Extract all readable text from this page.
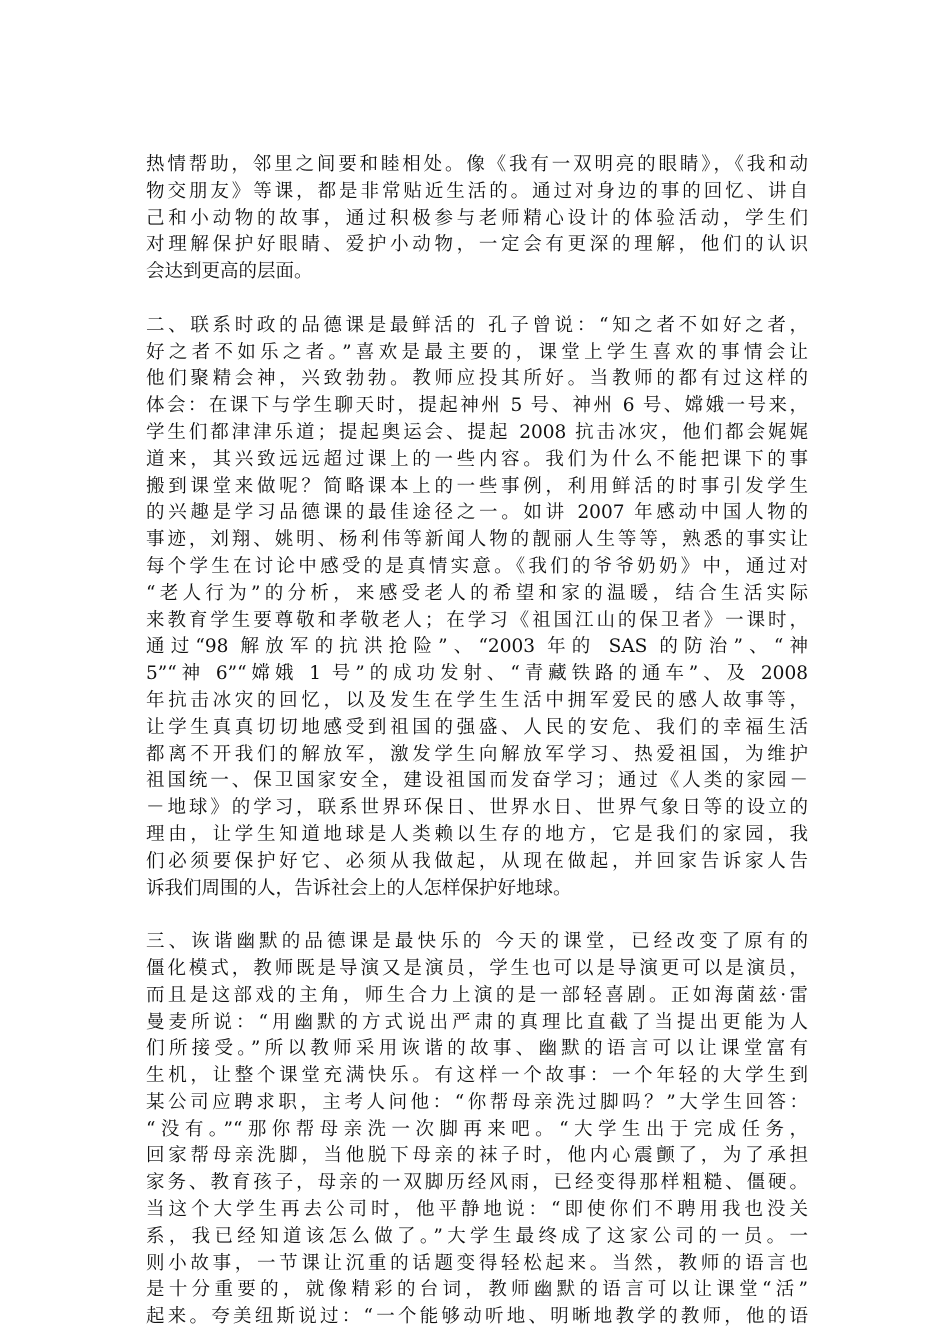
热情帮助，邻里之间要和睦相处。像《我有一双明亮的眼睛》，《我和动
物交朋友》等课，都是非常贴近生活的。通过对身边的事的回忆、讲自
己和小动物的故事，通过积极参与老师精心设计的体验活动，学生们
对理解保护好眼睛、爱护小动物，一定会有更深的理解，他们的认识
会达到更高的层面。
二、联系时政的品德课是最鲜活的 孔子曾说：“知之者不如好之者，
好之者不如乐之者。”喜欢是最主要的，课堂上学生喜欢的事情会让
他们聚精会神，兴致勃勃。教师应投其所好。当教师的都有过这样的
体会：在课下与学生聊天时，提起神州 5 号、神州 6 号、嫦娥一号来，
学生们都津津乐道；提起奥运会、提起 2008 抗击冰灾，他们都会娓娓
道来，其兴致远远超过课上的一些内容。我们为什么不能把课下的事
搬到课堂来做呢？简略课本上的一些事例，利用鲜活的时事引发学生
的兴趣是学习品德课的最佳途径之一。如讲 2007 年感动中国人物的
事迹，刘翔、姚明、杨利伟等新闻人物的靓丽人生等等，熟悉的事实让
每个学生在讨论中感受的是真情实意。《我们的爷爷奶奶》中，通过对
“老人行为”的分析，来感受老人的希望和家的温暖，结合生活实际
来教育学生要尊敬和孝敬老人；在学习《祖国江山的保卫者》一课时，
通过“98 解放军的抗洪抢险”、“2003 年的 SAS 的防治”、“神
5”“神 6”“嫦娥 1 号”的成功发射、“青藏铁路的通车”、及 2008
年抗击冰灾的回忆，以及发生在学生生活中拥军爱民的感人故事等，
让学生真真切切地感受到祖国的强盛、人民的安危、我们的幸福生活
都离不开我们的解放军，激发学生向解放军学习、热爱祖国，为维护
祖国统一、保卫国家安全，建设祖国而发奋学习；通过《人类的家园－
－地球》的学习，联系世界环保日、世界水日、世界气象日等的设立的
理由，让学生知道地球是人类赖以生存的地方，它是我们的家园，我
们必须要保护好它、必须从我做起，从现在做起，并回家告诉家人告
诉我们周围的人，告诉社会上的人怎样保护好地球。
三、诙谐幽默的品德课是最快乐的 今天的课堂，已经改变了原有的
僵化模式，教师既是导演又是演员，学生也可以是导演更可以是演员，
而且是这部戏的主角，师生合力上演的是一部轻喜剧。正如海菌兹·雷
曼麦所说：“用幽默的方式说出严肃的真理比直截了当提出更能为人
们所接受。”所以教师采用诙谐的故事、幽默的语言可以让课堂富有
生机，让整个课堂充满快乐。有这样一个故事：一个年轻的大学生到
某公司应聘求职，主考人问他：“你帮母亲洗过脚吗？”大学生回答：
“没有。”“那你帮母亲洗一次脚再来吧。“大学生出于完成任务，
回家帮母亲洗脚，当他脱下母亲的袜子时，他内心震颤了，为了承担
家务、教育孩子，母亲的一双脚历经风雨，已经变得那样粗糙、僵硬。
当这个大学生再去公司时，他平静地说：“即使你们不聘用我也没关
系，我已经知道该怎么做了。”大学生最终成了这家公司的一员。一
则小故事，一节课让沉重的话题变得轻松起来。当然，教师的语言也
是十分重要的，就像精彩的台词，教师幽默的语言可以让课堂“活”
起来。夸美纽斯说过：“一个能够动听地、明晰地教学的教师，他的语
